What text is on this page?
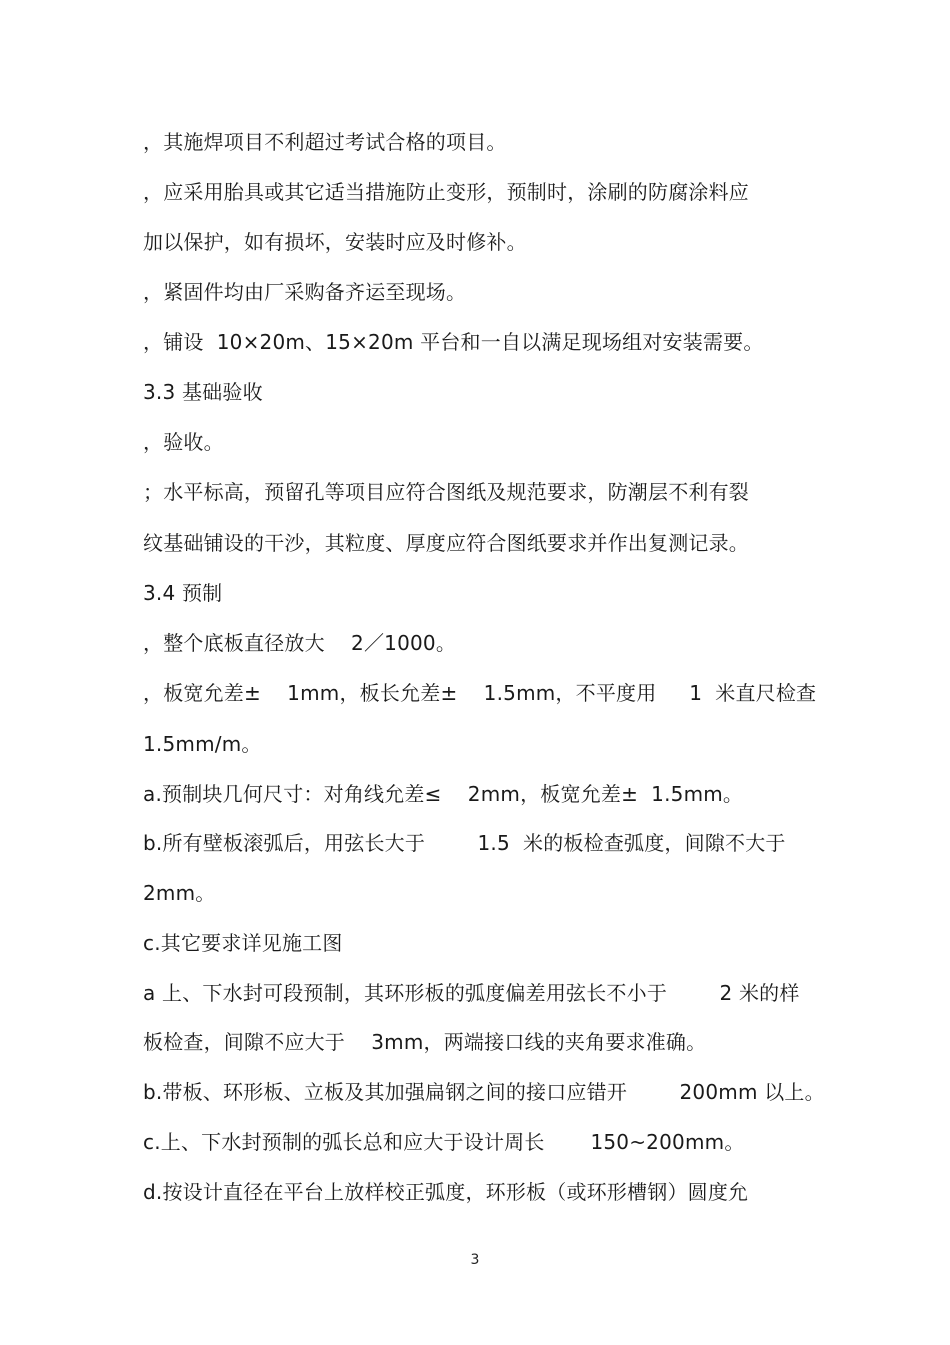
，其施焊项目不利超过考试合格的项目。
，应采用胎具或其它适当措施防止变形，预制时，涂刷的防腐涂料应
加以保护，如有损坏，安装时应及时修补。
，紧固件均由厂采购备齐运至现场。
，铺设  10×20m、15×20m 平台和一自以满足现场组对安装需要。
3.3 基础验收
，验收。
；水平标高，预留孔等项目应符合图纸及规范要求，防潮层不利有裂
纹基础铺设的干沙，其粒度、厚度应符合图纸要求并作出复测记录。
3.4 预制
，整个底板直径放大    2／1000。
，板宽允差±    1mm，板长允差±    1.5mm，不平度用     1  米直尺检查
1.5mm/m。
a.预制块几何尺寸：对角线允差≤    2mm，板宽允差±  1.5mm。
b.所有壁板滚弧后，用弦长大于        1.5  米的板检查弧度，间隙不大于
2mm。
c.其它要求详见施工图
a 上、下水封可段预制，其环形板的弧度偏差用弦长不小于        2 米的样
板检查，间隙不应大于    3mm，两端接口线的夹角要求准确。
b.带板、环形板、立板及其加强扁钢之间的接口应错开        200mm 以上。
c.上、下水封预制的弧长总和应大于设计周长       150~200mm。
d.按设计直径在平台上放样校正弧度，环形板（或环形槽钢）圆度允
3
